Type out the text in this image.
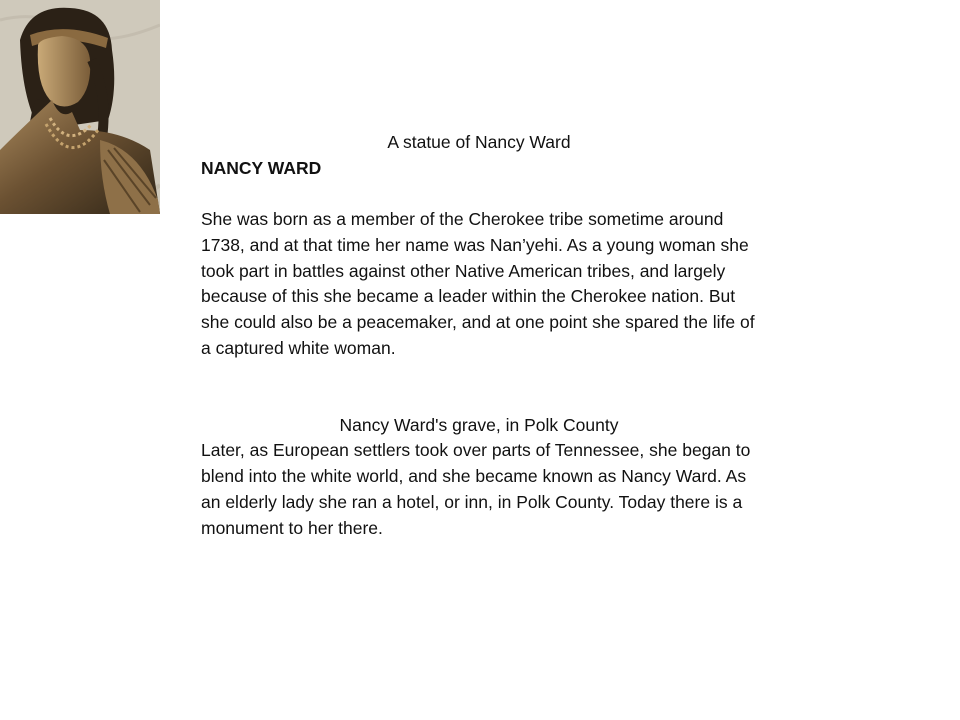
A statue of Nancy Ward
NANCY WARD

She was born as a member of the Cherokee tribe sometime around 1738, and at that time her name was Nan’yehi. As a young woman she took part in battles against other Native American tribes, and largely because of this she became a leader within the Cherokee nation. But she could also be a peacemaker, and at one point she spared the life of a captured white woman.

Nancy Ward's grave, in Polk County

Later, as European settlers took over parts of Tennessee, she began to blend into the white world, and she became known as Nancy Ward. As an elderly lady she ran a hotel, or inn, in Polk County. Today there is a monument to her there.
